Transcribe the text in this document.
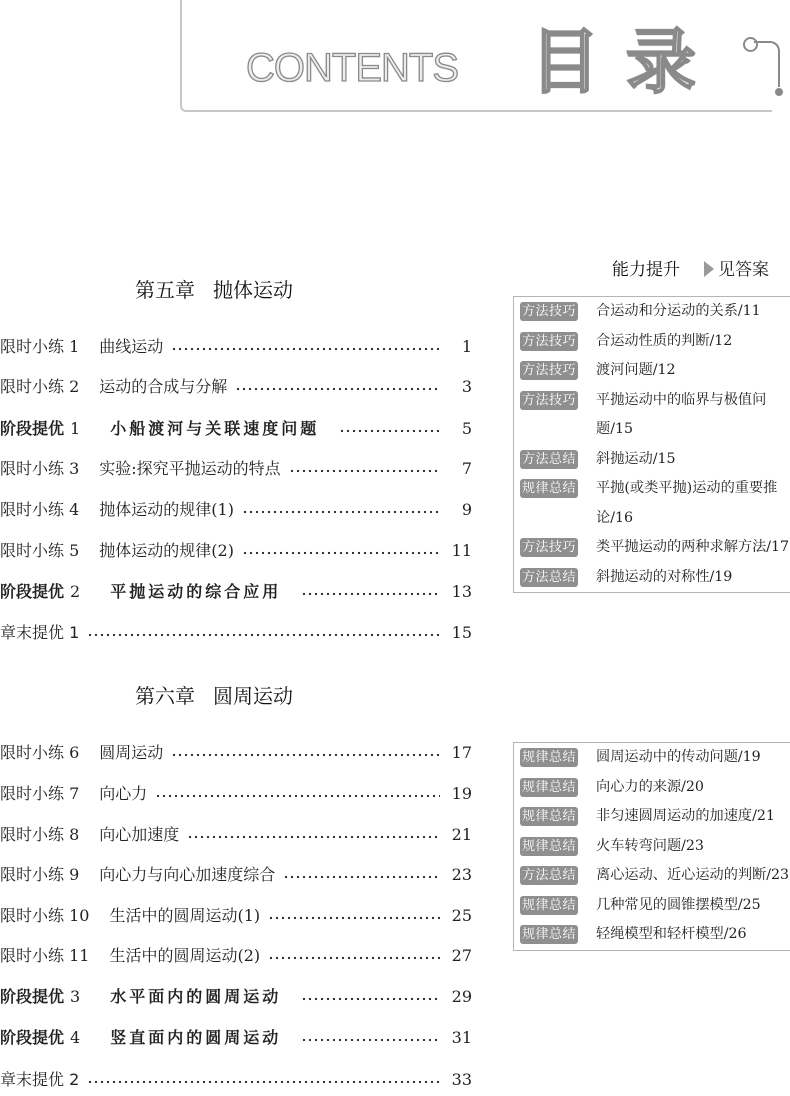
CONTENTS 目录
第五章 抛体运动
限时小练 1 曲线运动	1
限时小练 2 运动的合成与分解	3
阶段提优 1 小船渡河与关联速度问题	5
限时小练 3 实验:探究平抛运动的特点	7
限时小练 4 抛体运动的规律(1)	9
限时小练 5 抛体运动的规律(2)	11
阶段提优 2 平抛运动的综合应用	13
章末提优 1	15
第六章 圆周运动
限时小练 6 圆周运动	17
限时小练 7 向心力	19
限时小练 8 向心加速度	21
限时小练 9 向心力与向心加速度综合	23
限时小练 10 生活中的圆周运动(1)	25
限时小练 11 生活中的圆周运动(2)	27
阶段提优 3 水平面内的圆周运动	29
阶段提优 4 竖直面内的圆周运动	31
章末提优 2	33
能力提升 见答案
方法技巧 合运动和分运动的关系/11
方法技巧 合运动性质的判断/12
方法技巧 渡河问题/12
方法技巧 平抛运动中的临界与极值问题/15
方法总结 斜抛运动/15
规律总结 平抛(或类平抛)运动的重要推论/16
方法技巧 类平抛运动的两种求解方法/17
方法总结 斜抛运动的对称性/19
规律总结 圆周运动中的传动问题/19
规律总结 向心力的来源/20
规律总结 非匀速圆周运动的加速度/21
规律总结 火车转弯问题/23
方法总结 离心运动、近心运动的判断/23
规律总结 几种常见的圆锥摆模型/25
规律总结 轻绳模型和轻杆模型/26
